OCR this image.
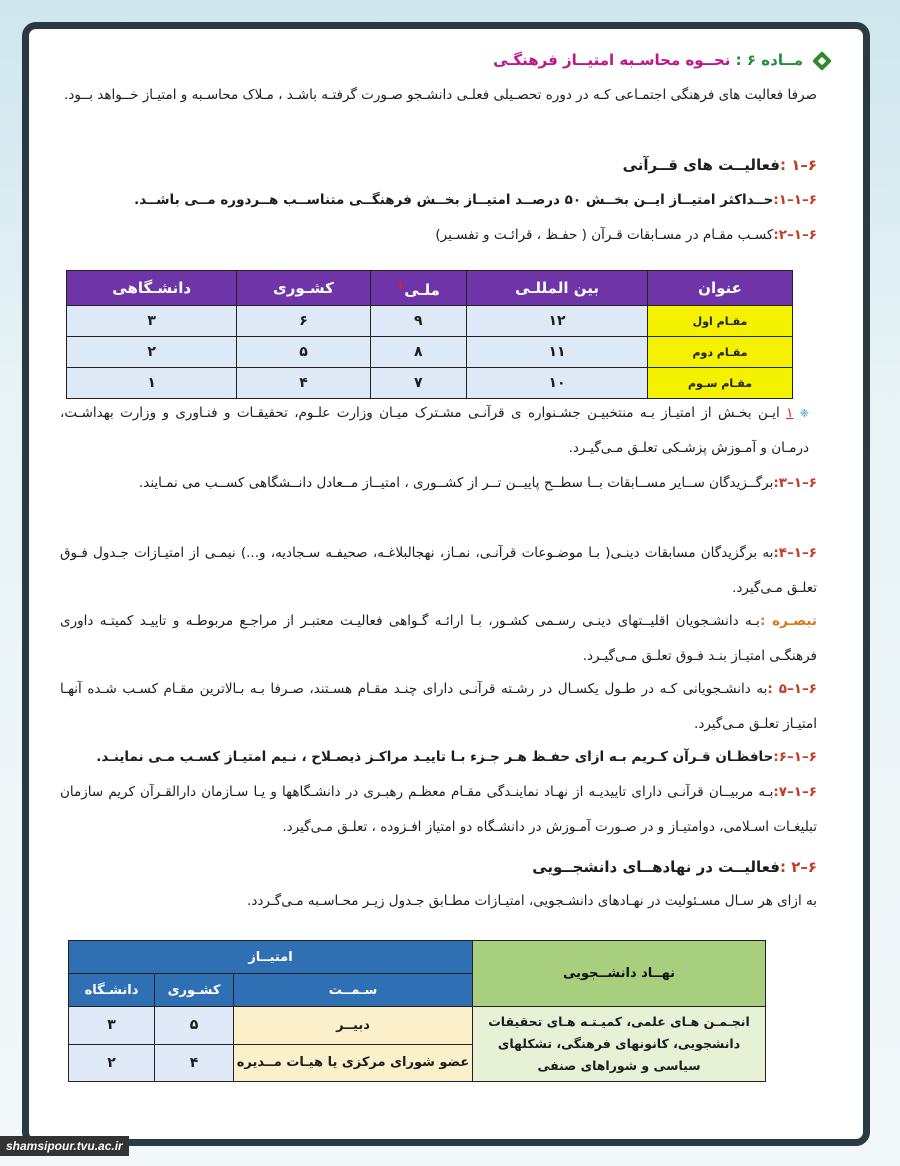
مــاده ۶ : نحــوه محاسـبه امتیــاز فرهنگـی

صرفا فعالیت های فرهنگی اجتمـاعی کـه در دوره تحصـیلی فعلـی دانشـجو صـورت گرفتـه باشـد ، مـلاک محاسـبه و امتیـاز خــواهد بــود.

۶–۱ :فعالیــت های قــرآنی

۶–۱–۱:حــداکثر امتیــاز ایــن بخــش ۵۰ درصــد امتیــاز بخــش فرهنگــی متناســب هــردوره مــی باشــد.

۶–۱–۲:کسـب مقـام در مسـابقات قـرآن ( حفـظ ، قرائـت و تفسـیر)

عنوان	بین المللـی	ملـی$^۱$	کشـوری	دانشـگاهی
مقـام اول	۱۲	۹	۶	۳
مقـام دوم	۱۱	۸	۵	۲
مقـام سـوم	۱۰	۷	۴	۱

❈ ۱ ایـن بخـش از امتیـاز بـه منتخبیـن جشـنواره ی قرآنـی مشـترک میـان وزارت علـوم، تحقیقـات و فنـاوری و وزارت بهداشـت، درمـان و آمـوزش پزشـکی تعلـق مـی‌گیـرد.

۶–۱–۳:برگــزیدگان ســایر مســابقات بــا سطــح پاییــن تــر از کشــوری ، امتیــاز مــعادل دانــشگاهی کســب می نمـایند.

۶–۱–۴:به برگزیدگان مسابقات دینـی( بـا موضـوعات قرآنـی، نمـاز، نهجالبلاغـه، صحیفـه سـجادیه، و...) نیمـی از امتیـازات جـدول فـوق تعلـق مـی‌گیرد.

تبصـره :بـه دانشـجویان اقلیــتهای دینـی رسـمی کشـور، بـا ارائـه گـواهی فعالیـت معتبـر از مراجـع مربوطـه و تاییـد کمیتـه داوری فرهنگـی امتیـاز بنـد فـوق تعلـق مـی‌گیـرد.

۶–۱–۵ :به دانشـجویانی کـه در طـول یکسـال در رشـته قرآنـی دارای چنـد مقـام هسـتند، صـرفا بـه بـالاترین مقـام کسـب شـده آنهـا امتیـاز تعلـق مـی‌گیرد.

۶–۱–۶:حافظـان قـرآن کـریم بـه ازای حفـظ هـر جـزء بـا تاییـد مراکـز ذیصـلاح ، نـیم امتیـاز کسـب مـی نماینـد.

۶–۱–۷:بـه مربیــان قرآنـی دارای تاییدیـه از نهـاد نماینـدگی مقـام معظـم رهبـری در دانشـگاهها و یـا سـازمان دارالقـرآن کریم سازمان تبلیغـات اسـلامی، دوامتیـاز و در صـورت آمـوزش در دانشـگاه دو امتیاز افـزوده ، تعلـق مـی‌گیرد.

۶–۲ :فعالیــت در نهادهــای دانشجــویی

به ازای هر سـال مسـئولیت در نهـادهای دانشـجویی، امتیـازات مطـابق جـدول زیـر محـاسـبه مـی‌گـردد.

نهــاد دانشــجویی	امتیــاز		
	سـمــت	کشـوری	دانشـگاه
انجـمـن هـای علمی، کمیـتـه هـای تحقیقات دانشجویی، کانونهای فرهنگی، تشکلهای سیاسی و شوراهای صنفی	دبیــر	۵	۳
	عضو شورای مرکزی یا هیـات مــدیره	۴	۲
shamsipour.tvu.ac.ir
